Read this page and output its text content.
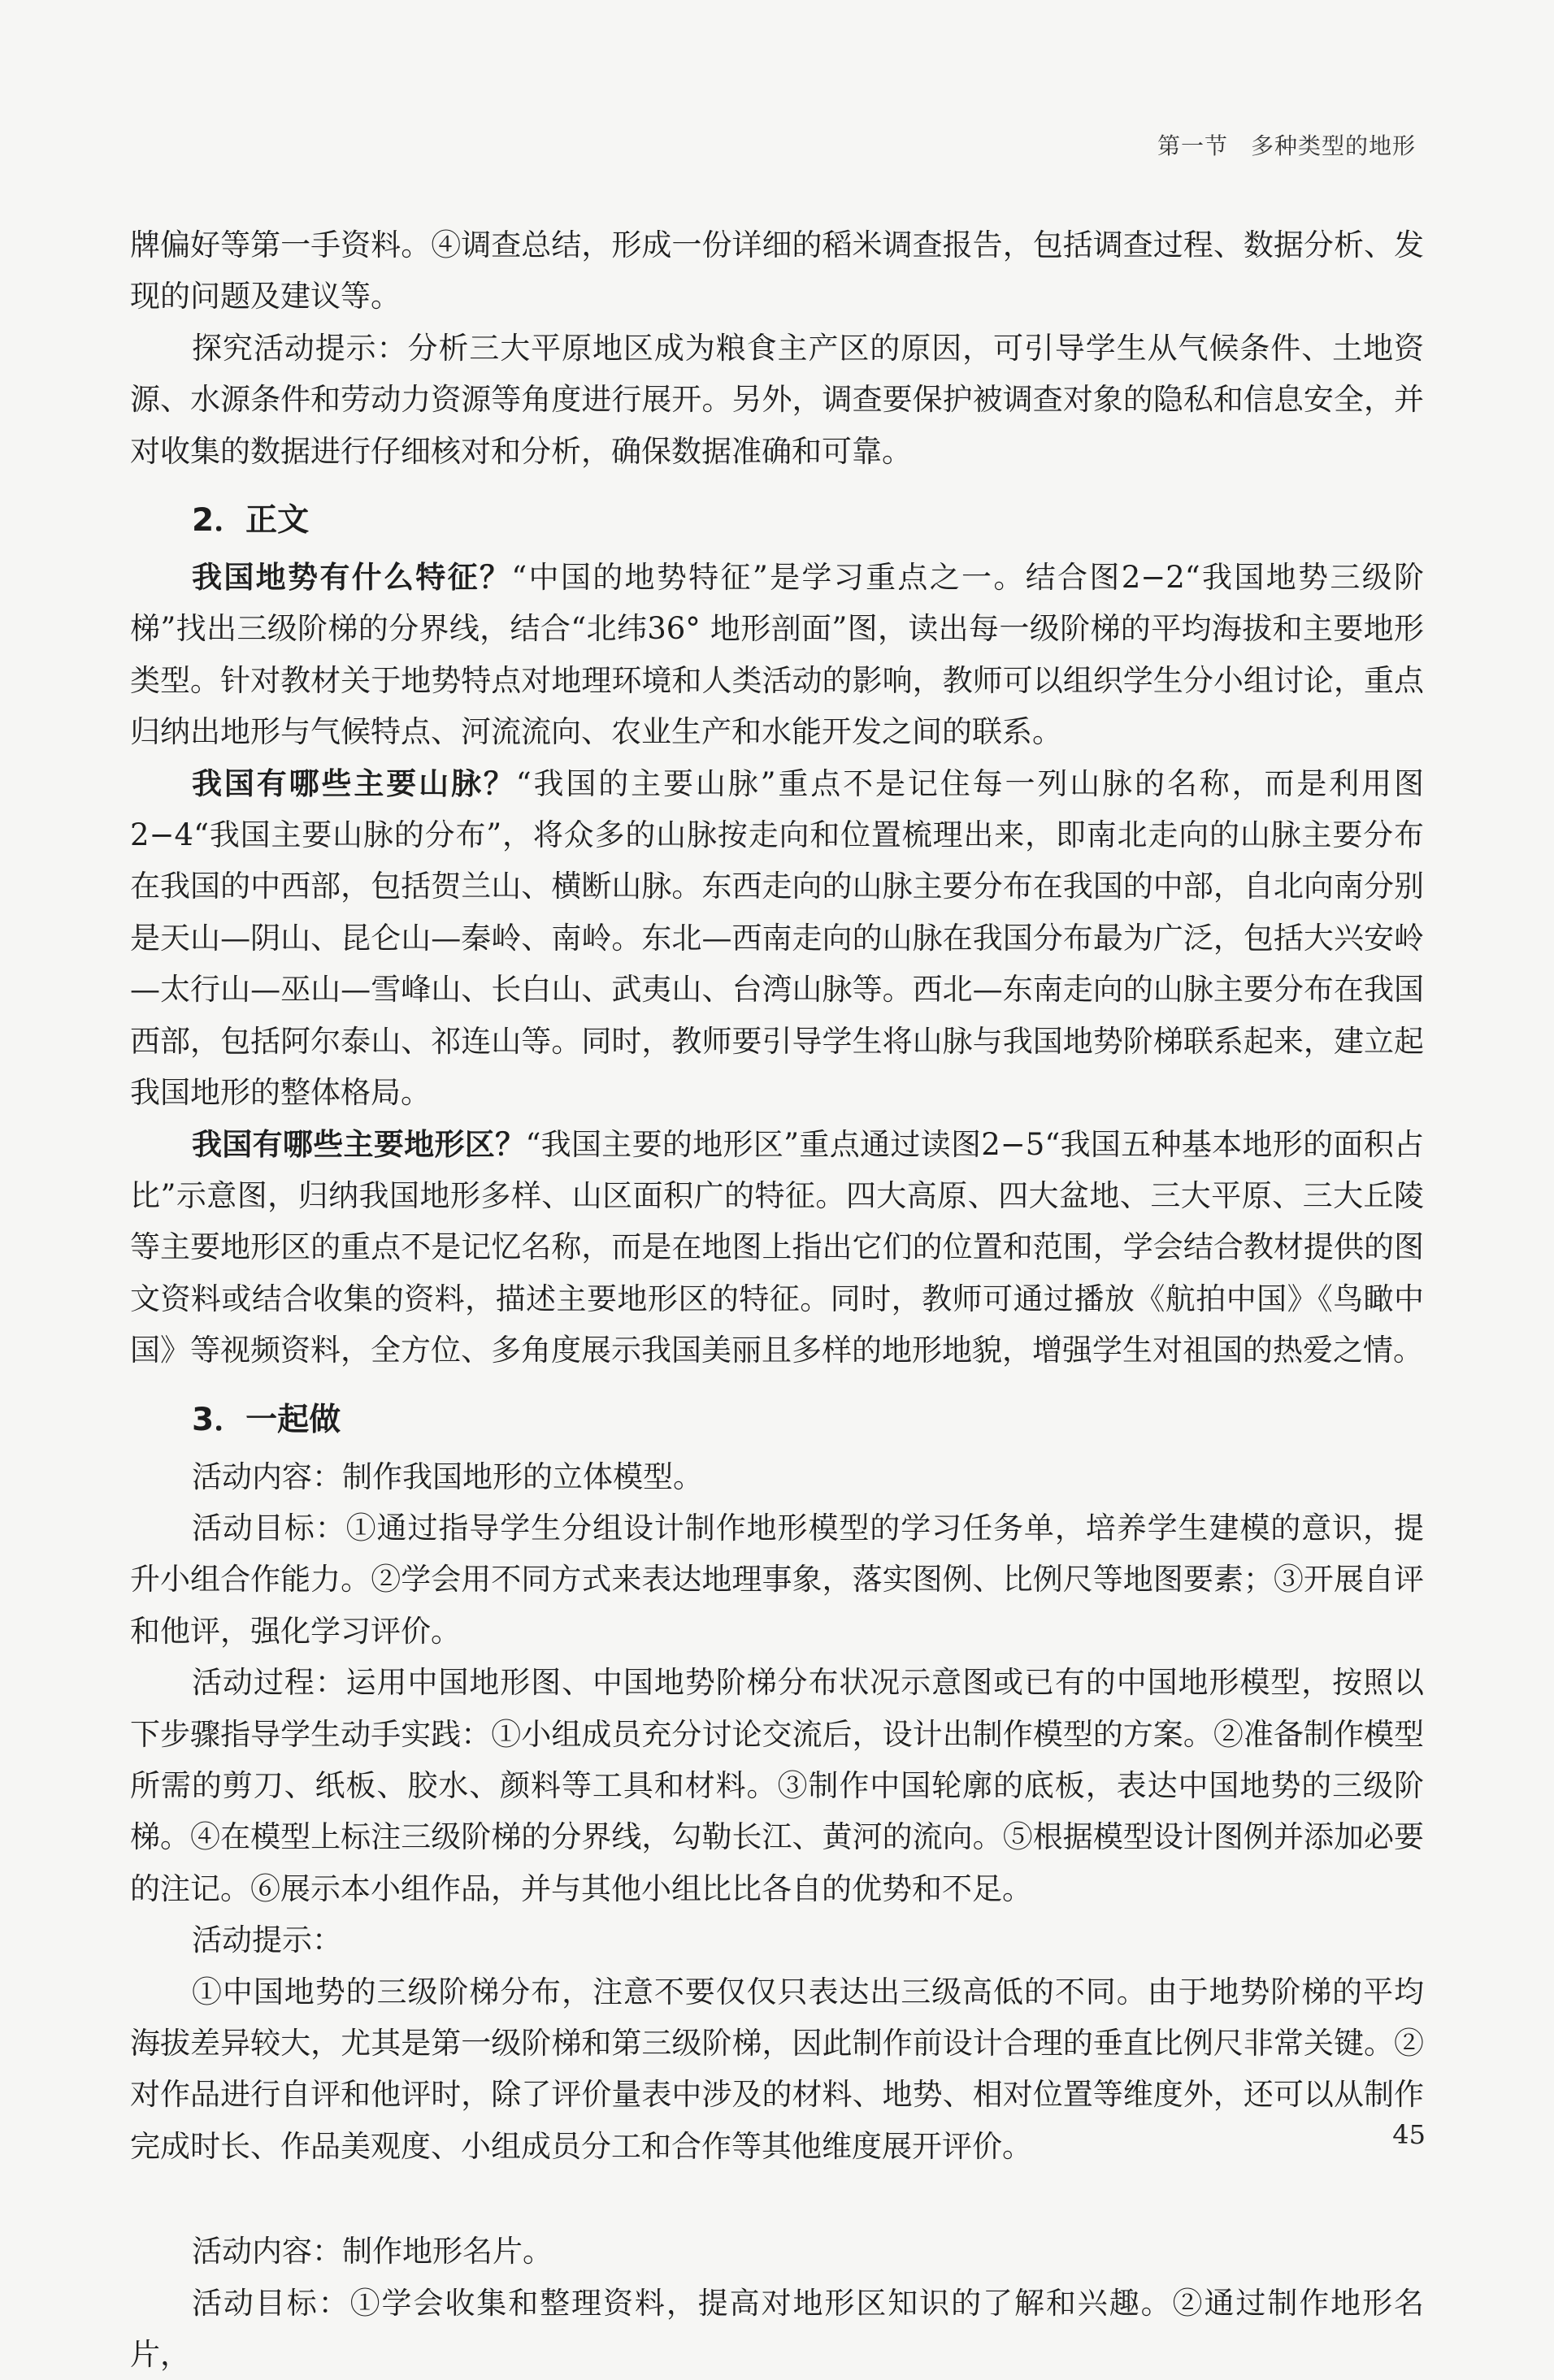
第一节 多种类型的地形

牌偏好等第一手资料。④调查总结，形成一份详细的稻米调查报告，包括调查过程、数据分析、发现的问题及建议等。

探究活动提示：分析三大平原地区成为粮食主产区的原因，可引导学生从气候条件、土地资源、水源条件和劳动力资源等角度进行展开。另外，调查要保护被调查对象的隐私和信息安全，并对收集的数据进行仔细核对和分析，确保数据准确和可靠。

2．正文

我国地势有什么特征？“中国的地势特征”是学习重点之一。结合图2−2“我国地势三级阶梯”找出三级阶梯的分界线，结合“北纬36° 地形剖面”图，读出每一级阶梯的平均海拔和主要地形类型。针对教材关于地势特点对地理环境和人类活动的影响，教师可以组织学生分小组讨论，重点归纳出地形与气候特点、河流流向、农业生产和水能开发之间的联系。

我国有哪些主要山脉？“我国的主要山脉”重点不是记住每一列山脉的名称，而是利用图2−4“我国主要山脉的分布”，将众多的山脉按走向和位置梳理出来，即南北走向的山脉主要分布在我国的中西部，包括贺兰山、横断山脉。东西走向的山脉主要分布在我国的中部，自北向南分别是天山—阴山、昆仑山—秦岭、南岭。东北—西南走向的山脉在我国分布最为广泛，包括大兴安岭—太行山—巫山—雪峰山、长白山、武夷山、台湾山脉等。西北—东南走向的山脉主要分布在我国西部，包括阿尔泰山、祁连山等。同时，教师要引导学生将山脉与我国地势阶梯联系起来，建立起我国地形的整体格局。

我国有哪些主要地形区？“我国主要的地形区”重点通过读图2−5“我国五种基本地形的面积占比”示意图，归纳我国地形多样、山区面积广的特征。四大高原、四大盆地、三大平原、三大丘陵等主要地形区的重点不是记忆名称，而是在地图上指出它们的位置和范围，学会结合教材提供的图文资料或结合收集的资料，描述主要地形区的特征。同时，教师可通过播放《航拍中国》《鸟瞰中国》等视频资料，全方位、多角度展示我国美丽且多样的地形地貌，增强学生对祖国的热爱之情。

3．一起做

活动内容：制作我国地形的立体模型。

活动目标：①通过指导学生分组设计制作地形模型的学习任务单，培养学生建模的意识，提升小组合作能力。②学会用不同方式来表达地理事象，落实图例、比例尺等地图要素；③开展自评和他评，强化学习评价。

活动过程：运用中国地形图、中国地势阶梯分布状况示意图或已有的中国地形模型，按照以下步骤指导学生动手实践：①小组成员充分讨论交流后，设计出制作模型的方案。②准备制作模型所需的剪刀、纸板、胶水、颜料等工具和材料。③制作中国轮廓的底板，表达中国地势的三级阶梯。④在模型上标注三级阶梯的分界线，勾勒长江、黄河的流向。⑤根据模型设计图例并添加必要的注记。⑥展示本小组作品，并与其他小组比比各自的优势和不足。

活动提示：

①中国地势的三级阶梯分布，注意不要仅仅只表达出三级高低的不同。由于地势阶梯的平均海拔差异较大，尤其是第一级阶梯和第三级阶梯，因此制作前设计合理的垂直比例尺非常关键。②对作品进行自评和他评时，除了评价量表中涉及的材料、地势、相对位置等维度外，还可以从制作完成时长、作品美观度、小组成员分工和合作等其他维度展开评价。

活动内容：制作地形名片。

活动目标：①学会收集和整理资料，提高对地形区知识的了解和兴趣。②通过制作地形名片，

45
